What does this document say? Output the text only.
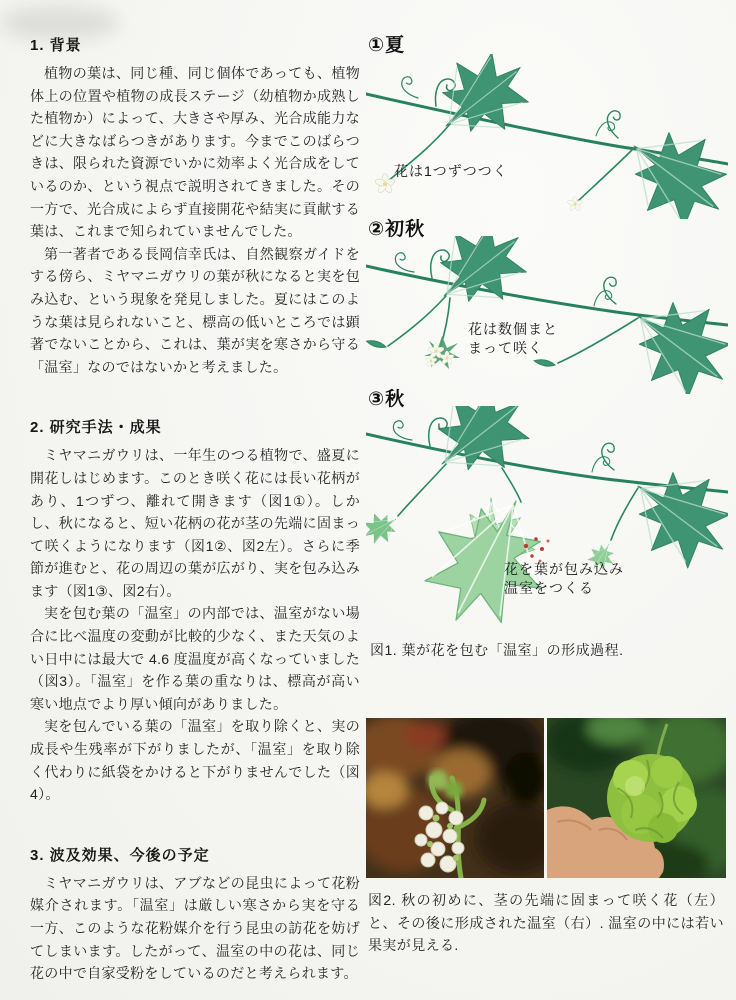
1. 背景

植物の葉は、同じ種、同じ個体であっても、植物体上の位置や植物の成長ステージ（幼植物か成熟した植物か）によって、大きさや厚み、光合成能力などに大きなばらつきがあります。今までこのばらつきは、限られた資源でいかに効率よく光合成をしているのか、という視点で説明されてきました。その一方で、光合成によらず直接開花や結実に貢献する葉は、これまで知られていませんでした。

第一著者である長岡信幸氏は、自然観察ガイドをする傍ら、ミヤマニガウリの葉が秋になると実を包み込む、という現象を発見しました。夏にはこのような葉は見られないこと、標高の低いところでは顕著でないことから、これは、葉が実を寒さから守る「温室」なのではないかと考えました。

2. 研究手法・成果

ミヤマニガウリは、一年生のつる植物で、盛夏に開花しはじめます。このとき咲く花には長い花柄があり、1つずつ、離れて開きます（図1①）。しかし、秋になると、短い花柄の花が茎の先端に固まって咲くようになります（図1②、図2左）。さらに季節が進むと、花の周辺の葉が広がり、実を包み込みます（図1③、図2右）。

実を包む葉の「温室」の内部では、温室がない場合に比べ温度の変動が比較的少なく、また天気のよい日中には最大で 4.6 度温度が高くなっていました（図3）。「温室」を作る葉の重なりは、標高が高い寒い地点でより厚い傾向がありました。

実を包んでいる葉の「温室」を取り除くと、実の成長や生残率が下がりましたが、「温室」を取り除く代わりに紙袋をかけると下がりませんでした（図4）。

3. 波及効果、今後の予定

ミヤマニガウリは、アブなどの昆虫によって花粉媒介されます。「温室」は厳しい寒さから実を守る一方、このような花粉媒介を行う昆虫の訪花を妨げてしまいます。したがって、温室の中の花は、同じ花の中で自家受粉をしているのだと考えられます。

①夏
花は1つずつつく
②初秋
花は数個まと
まって咲く
③秋
花を葉が包み込み
温室をつくる
図1. 葉が花を包む「温室」の形成過程.

図2. 秋の初めに、茎の先端に固まって咲く花（左）と、その後に形成された温室（右）. 温室の中には若い果実が見える.
